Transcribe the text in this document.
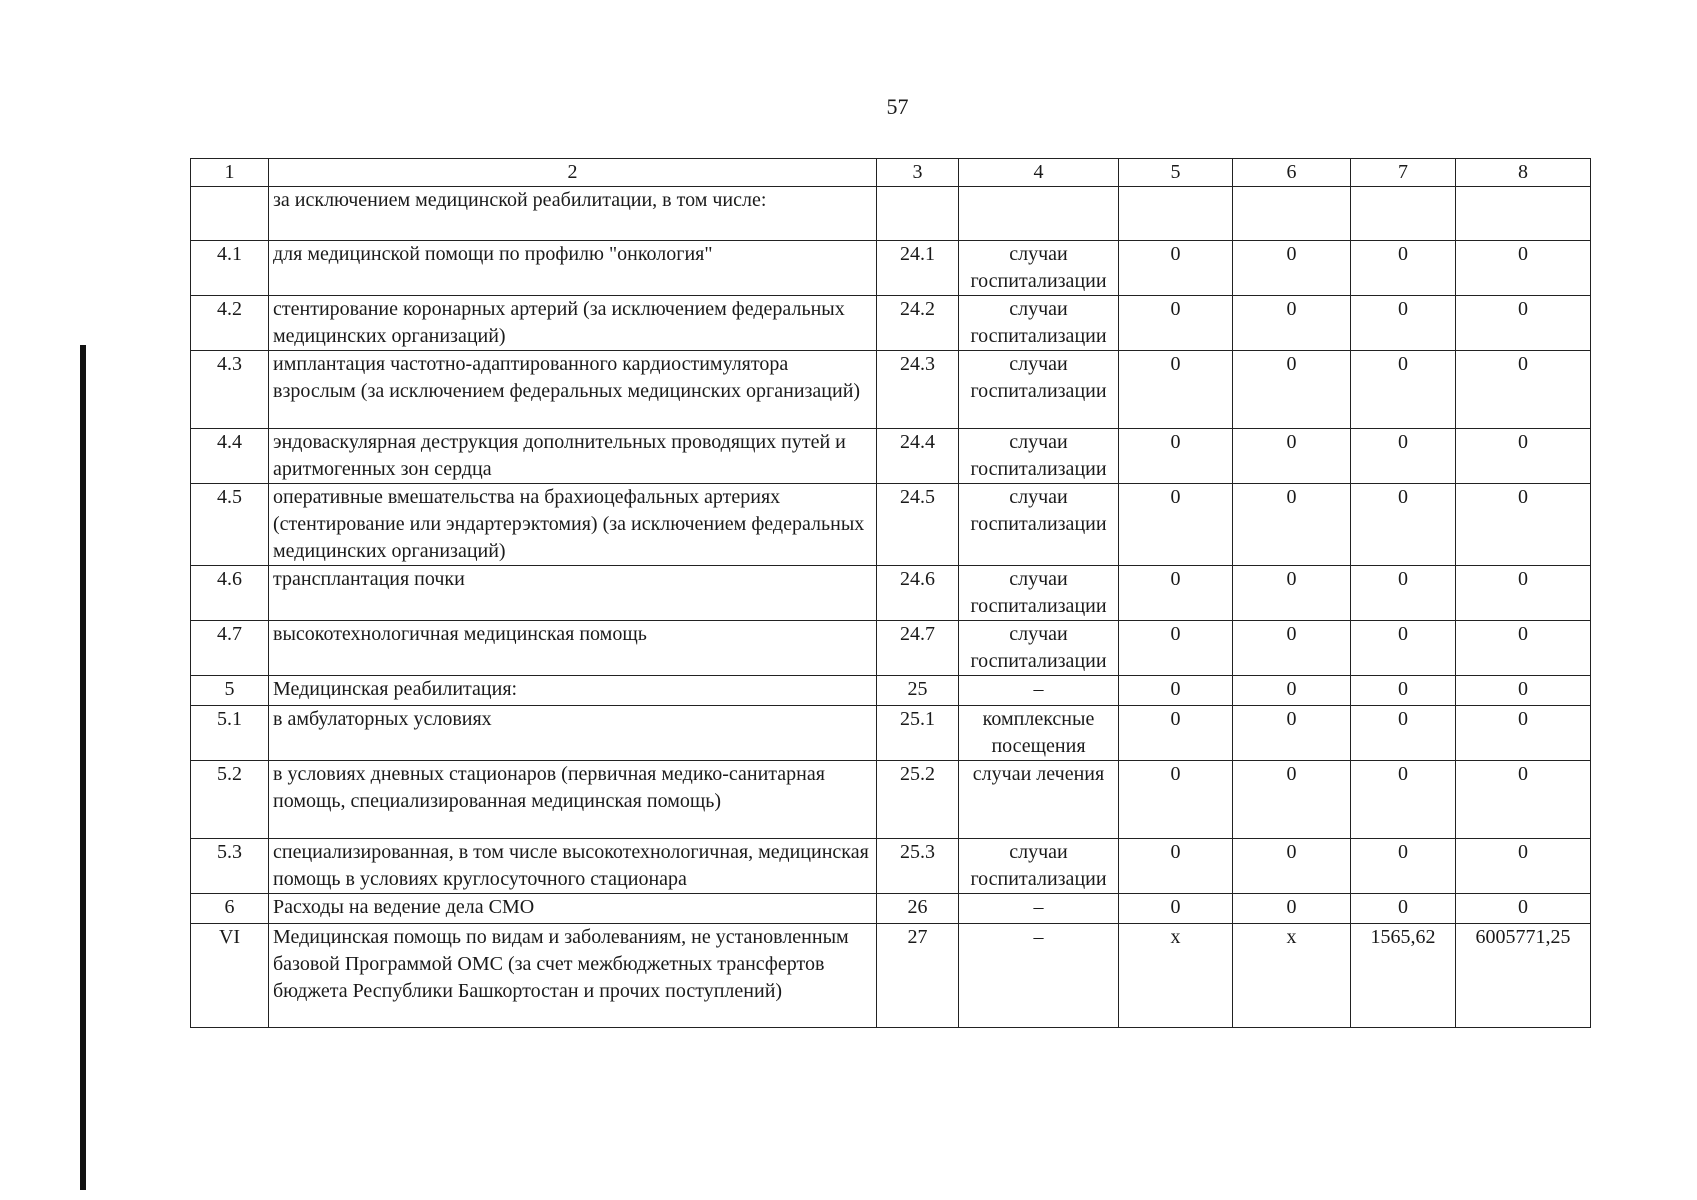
57
1	2	3	4	5	6	7	8
	за исключением медицинской реабилитации, в том числе:						
4.1	для медицинской помощи по профилю "онкология"	24.1	случаи госпитализации	0	0	0	0
4.2	стентирование коронарных артерий (за исключением федеральных медицинских организаций)	24.2	случаи госпитализации	0	0	0	0
4.3	имплантация частотно-адаптированного кардиостимулятора взрослым (за исключением федеральных медицинских организаций)	24.3	случаи госпитализации	0	0	0	0
4.4	эндоваскулярная деструкция дополнительных проводящих путей и аритмогенных зон сердца	24.4	случаи госпитализации	0	0	0	0
4.5	оперативные вмешательства на брахиоцефальных артериях (стентирование или эндартерэктомия) (за исключением федеральных медицинских организаций)	24.5	случаи госпитализации	0	0	0	0
4.6	трансплантация почки	24.6	случаи госпитализации	0	0	0	0
4.7	высокотехнологичная медицинская помощь	24.7	случаи госпитализации	0	0	0	0
5	Медицинская реабилитация:	25	–	0	0	0	0
5.1	в амбулаторных условиях	25.1	комплексные посещения	0	0	0	0
5.2	в условиях дневных стационаров (первичная медико-санитарная помощь, специализированная медицинская помощь)	25.2	случаи лечения	0	0	0	0
5.3	специализированная, в том числе высокотехнологичная, медицинская помощь в условиях круглосуточного стационара	25.3	случаи госпитализации	0	0	0	0
6	Расходы на ведение дела СМО	26	–	0	0	0	0
VI	Медицинская помощь по видам и заболеваниям, не установленным базовой Программой ОМС (за счет межбюджетных трансфертов бюджета Республики Башкортостан и прочих поступлений)	27	–	х	х	1565,62	6005771,25
